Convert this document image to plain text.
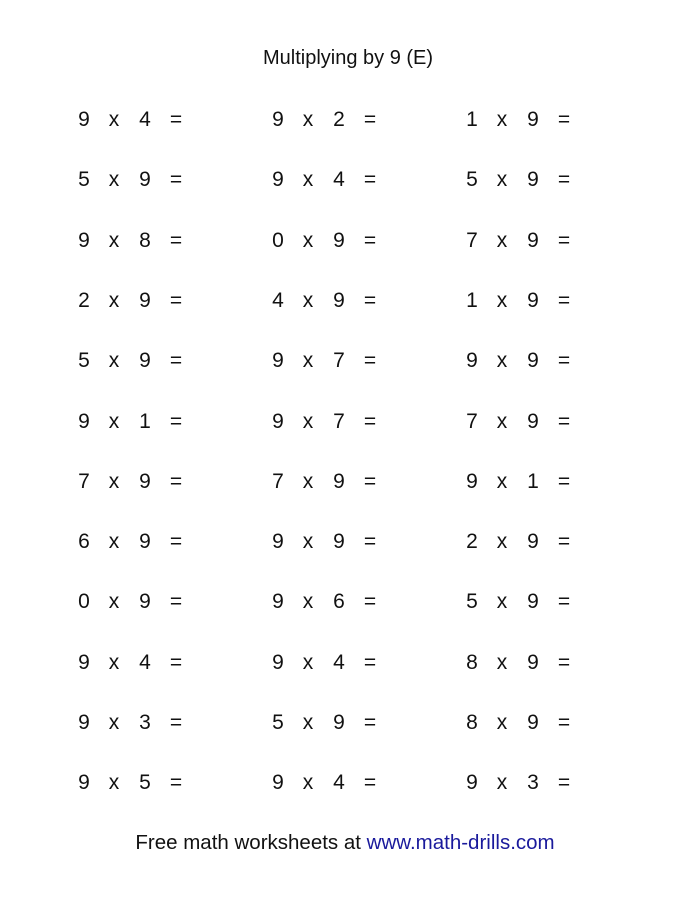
Multiplying by 9 (E)
9 x 4 =
5 x 9 =
9 x 8 =
2 x 9 =
5 x 9 =
9 x 1 =
7 x 9 =
6 x 9 =
0 x 9 =
9 x 4 =
9 x 3 =
9 x 5 =
9 x 2 =
9 x 4 =
0 x 9 =
4 x 9 =
9 x 7 =
9 x 7 =
7 x 9 =
9 x 9 =
9 x 6 =
9 x 4 =
5 x 9 =
9 x 4 =
1 x 9 =
5 x 9 =
7 x 9 =
1 x 9 =
9 x 9 =
7 x 9 =
9 x 1 =
2 x 9 =
5 x 9 =
8 x 9 =
8 x 9 =
9 x 3 =
Free math worksheets at www.math-drills.com
